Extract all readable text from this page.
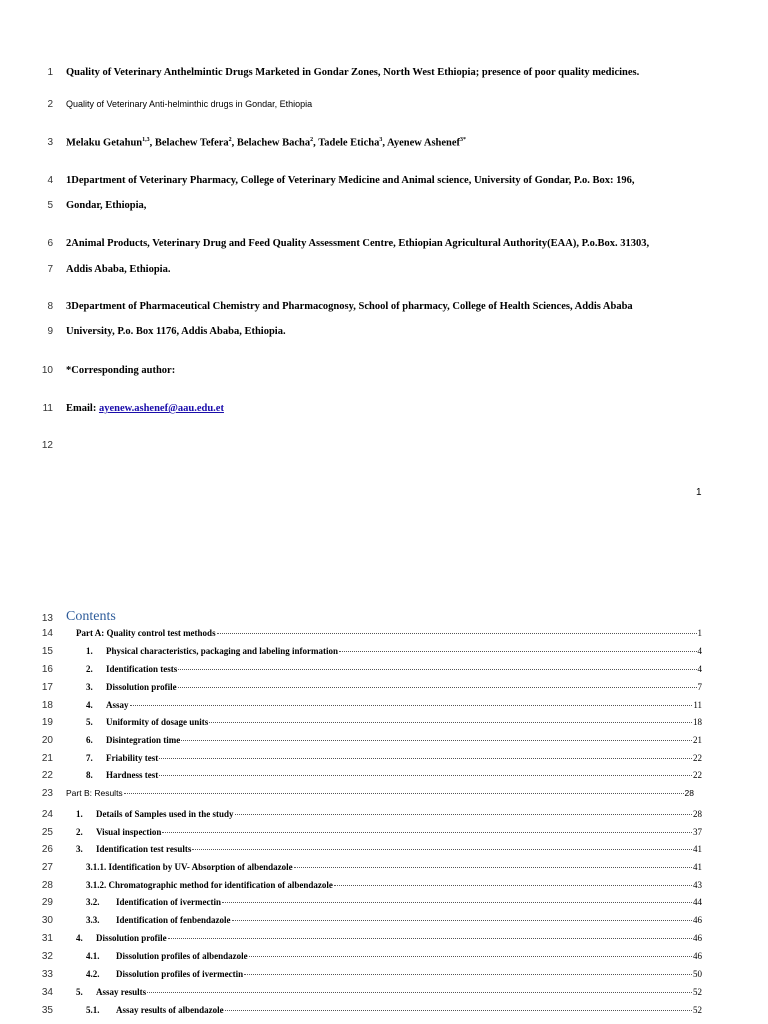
1
2
3
4
5
6
7
8
9
10
11
12
Quality of Veterinary Anthelmintic Drugs Marketed in Gondar Zones, North West Ethiopia; presence of poor quality medicines.
Quality of Veterinary Anti-helminthic drugs in Gondar, Ethiopia
Melaku Getahun$^{1,3}$, Belachew Tefera$^2$, Belachew Bacha$^2$, Tadele Eticha$^3$, Ayenew Ashenef$^{3*}$
1Department of Veterinary Pharmacy, College of Veterinary Medicine and Animal science, University of Gondar, P.o. Box: 196,
Gondar, Ethiopia,
2Animal Products, Veterinary Drug and Feed Quality Assessment Centre, Ethiopian Agricultural Authority(EAA), P.o.Box. 31303,
Addis Ababa, Ethiopia.
3Department of Pharmaceutical Chemistry and Pharmacognosy, School of pharmacy, College of Health Sciences, Addis Ababa
University, P.o. Box 1176, Addis Ababa, Ethiopia.
*Corresponding author:
Email: ayenew.ashenef@aau.edu.et
1
13 Contents
14	Part A: Quality control test methods	1
15	1.	Physical characteristics, packaging and labeling information	4
16	2.	Identification tests	4
17	3.	Dissolution profile	7
18	4.	Assay	11
19	5.	Uniformity of dosage units	18
20	6.	Disintegration time	21
21	7.	Friability test	22
22	8.	Hardness test	22
23 Part B: Results	28
24	1.	Details of Samples used in the study	28
25	2.	Visual inspection	37
26	3.	Identification test results	41
27	3.1.1. Identification by UV- Absorption of albendazole	41
28	3.1.2. Chromatographic method for identification of albendazole	43
29	3.2.	Identification of ivermectin	44
30	3.3.	Identification of fenbendazole	46
31	4.	Dissolution profile	46
32	4.1.	Dissolution profiles of albendazole	46
33	4.2.	Dissolution profiles of ivermectin	50
34	5.	Assay results	52
35	5.1.	Assay results of albendazole	52
